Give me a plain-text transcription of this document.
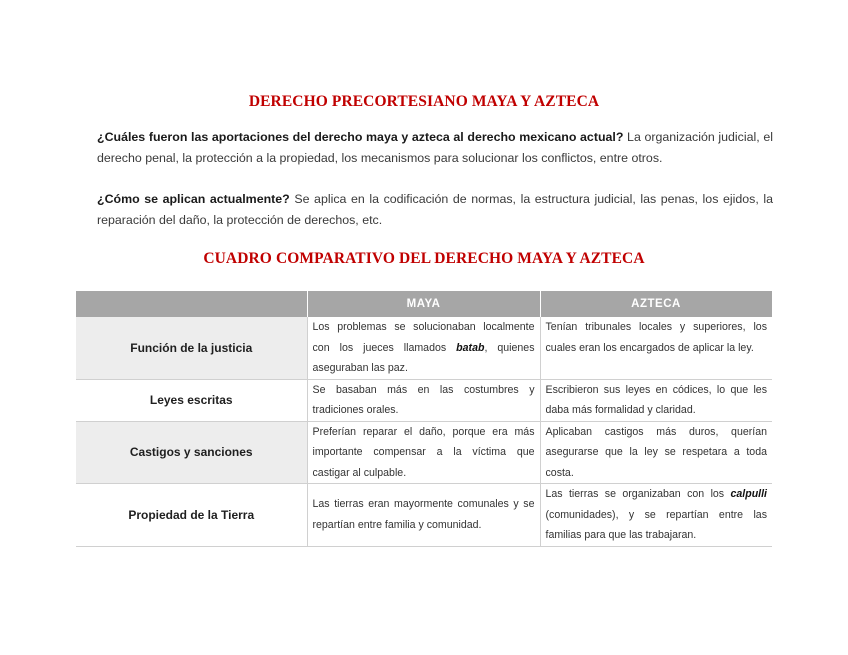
DERECHO PRECORTESIANO MAYA Y AZTECA
¿Cuáles fueron las aportaciones del derecho maya y azteca al derecho mexicano actual? La organización judicial, el derecho penal, la protección a la propiedad, los mecanismos para solucionar los conflictos, entre otros.
¿Cómo se aplican actualmente? Se aplica en la codificación de normas, la estructura judicial, las penas, los ejidos, la reparación del daño, la protección de derechos, etc.
CUADRO COMPARATIVO DEL DERECHO MAYA Y AZTECA
	MAYA	AZTECA
Función de la justicia	Los problemas se solucionaban localmente con los jueces llamados batab, quienes aseguraban las paz.	Tenían tribunales locales y superiores, los cuales eran los encargados de aplicar la ley.
Leyes escritas	Se basaban más en las costumbres y tradiciones orales.	Escribieron sus leyes en códices, lo que les daba más formalidad y claridad.
Castigos y sanciones	Preferían reparar el daño, porque era más importante compensar a la víctima que castigar al culpable.	Aplicaban castigos más duros, querían asegurarse que la ley se respetara a toda costa.
Propiedad de la Tierra	Las tierras eran mayormente comunales y se repartían entre familia y comunidad.	Las tierras se organizaban con los calpulli (comunidades), y se repartían entre las familias para que las trabajaran.
